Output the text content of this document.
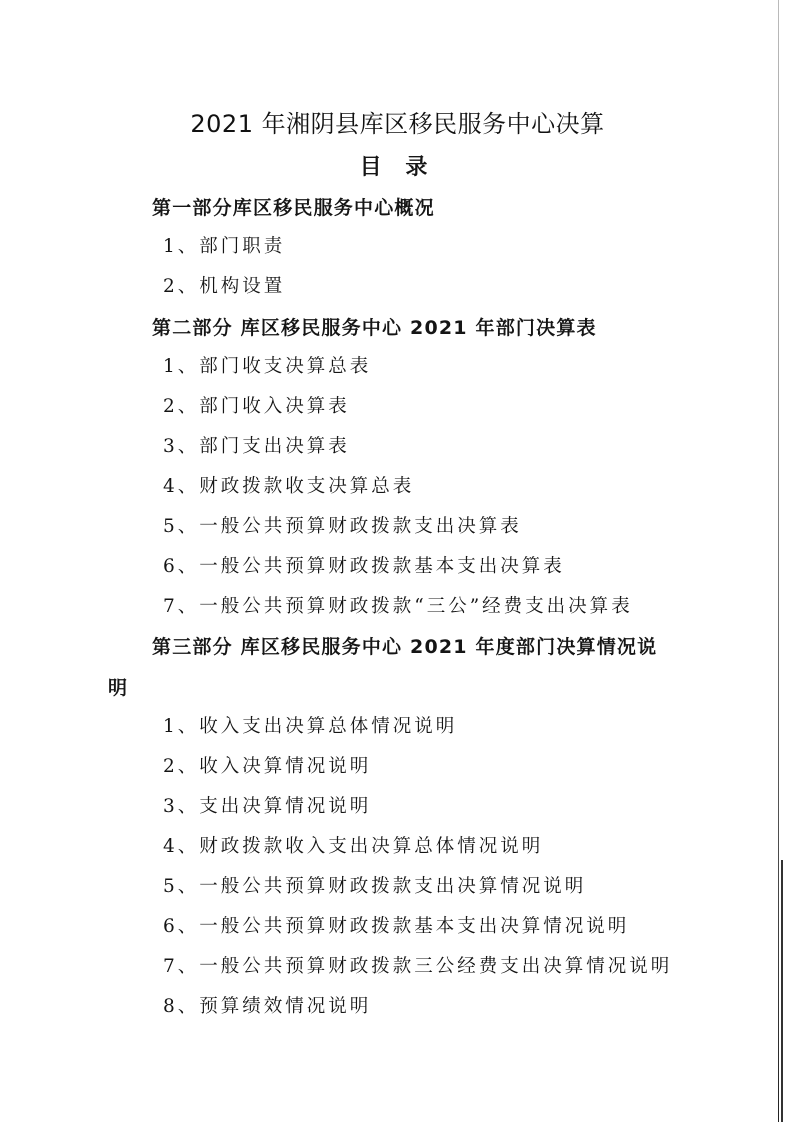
2021 年湘阴县库区移民服务中心决算
目 录
第一部分库区移民服务中心概况
1、部门职责
2、机构设置
第二部分 库区移民服务中心 2021 年部门决算表
1、部门收支决算总表
2、部门收入决算表
3、部门支出决算表
4、财政拨款收支决算总表
5、一般公共预算财政拨款支出决算表
6、一般公共预算财政拨款基本支出决算表
7、一般公共预算财政拨款“三公”经费支出决算表
第三部分 库区移民服务中心 2021 年度部门决算情况说
明
1、收入支出决算总体情况说明
2、收入决算情况说明
3、支出决算情况说明
4、财政拨款收入支出决算总体情况说明
5、一般公共预算财政拨款支出决算情况说明
6、一般公共预算财政拨款基本支出决算情况说明
7、一般公共预算财政拨款三公经费支出决算情况说明
8、预算绩效情况说明
